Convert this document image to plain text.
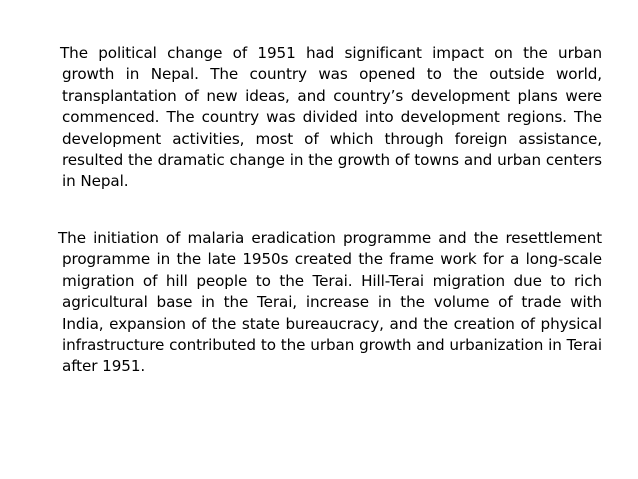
The political change of 1951 had significant impact on the urban growth in Nepal. The country was opened to the outside world, transplantation of new ideas, and country’s development plans were commenced. The country was divided into development regions. The development activities, most of which through foreign assistance, resulted the dramatic change in the growth of towns and urban centers in Nepal.

The initiation of malaria eradication programme and the resettlement programme in the late 1950s created the frame work for a long-scale migration of hill people to the Terai. Hill-Terai migration due to rich agricultural base in the Terai, increase in the volume of trade with India, expansion of the state bureaucracy, and the creation of physical infrastructure contributed to the urban growth and urbanization in Terai after 1951.
